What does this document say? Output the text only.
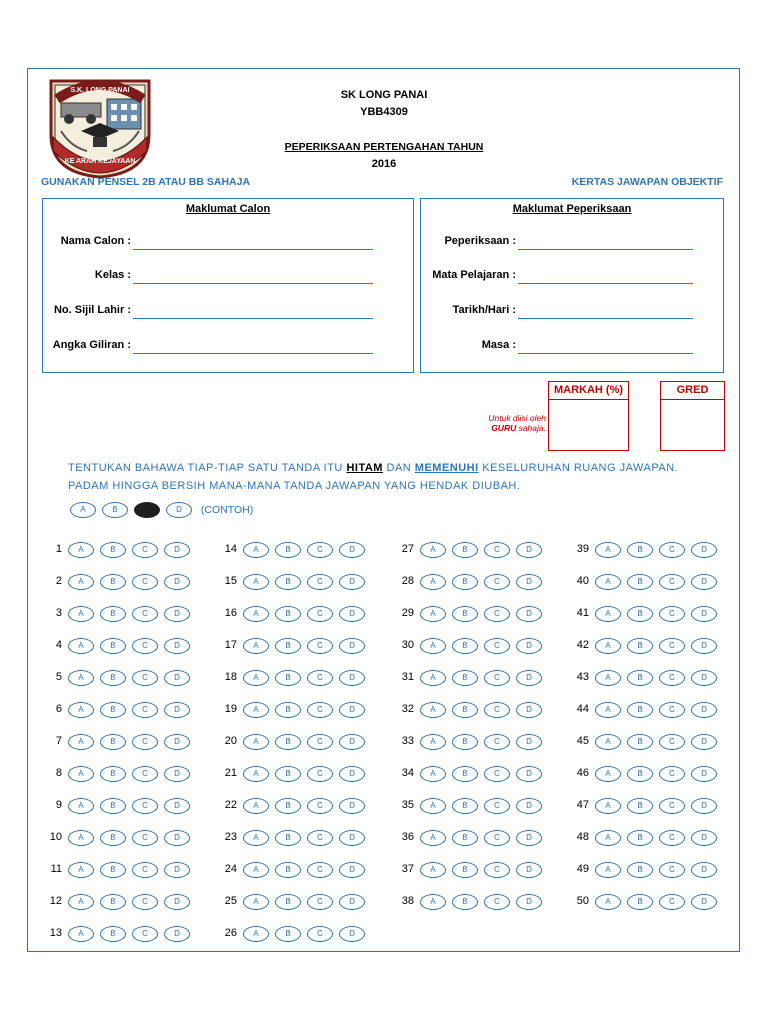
KE ARAH KEJAYAAN
S.K. LONG PANAI	SK LONG PANAI
YBB4309
PEPERIKSAAN PERTENGAHAN TAHUN
2016
GUNAKAN PENSEL 2B ATAU BB SAHAJA	KERTAS JAWAPAN OBJEKTIF
Maklumat Calon
Nama Calon :
Kelas :
No. Sijil Lahir :
Angka Giliran :
Maklumat Peperiksaan
Peperiksaan :
Mata Pelajaran :
Tarikh/Hari :
Masa :
MARKAH (%)	GRED
Untuk diisi oleh
GURU sahaja.
TENTUKAN BAHAWA TIAP-TIAP SATU TANDA ITU HITAM DAN MEMENUHI KESELURUHAN RUANG JAWAPAN.
PADAM HINGGA BERSIH MANA-MANA TANDA JAWAPAN YANG HENDAK DIUBAH.
A	B	D (CONTOH)
1	A	B	C	D
2	A	B	C	D
3	A	B	C	D
4	A	B	C	D
5	A	B	C	D
6	A	B	C	D
7	A	B	C	D
8	A	B	C	D
9	A	B	C	D
10	A	B	C	D
11	A	B	C	D
12	A	B	C	D
13	A	B	C	D
14	A	B	C	D
15	A	B	C	D
16	A	B	C	D
17	A	B	C	D
18	A	B	C	D
19	A	B	C	D
20	A	B	C	D
21	A	B	C	D
22	A	B	C	D
23	A	B	C	D
24	A	B	C	D
25	A	B	C	D
26	A	B	C	D
27	A	B	C	D
28	A	B	C	D
29	A	B	C	D
30	A	B	C	D
31	A	B	C	D
32	A	B	C	D
33	A	B	C	D
34	A	B	C	D
35	A	B	C	D
36	A	B	C	D
37	A	B	C	D
38	A	B	C	D
39	A	B	C	D
40	A	B	C	D
41	A	B	C	D
42	A	B	C	D
43	A	B	C	D
44	A	B	C	D
45	A	B	C	D
46	A	B	C	D
47	A	B	C	D
48	A	B	C	D
49	A	B	C	D
50	A	B	C	D
